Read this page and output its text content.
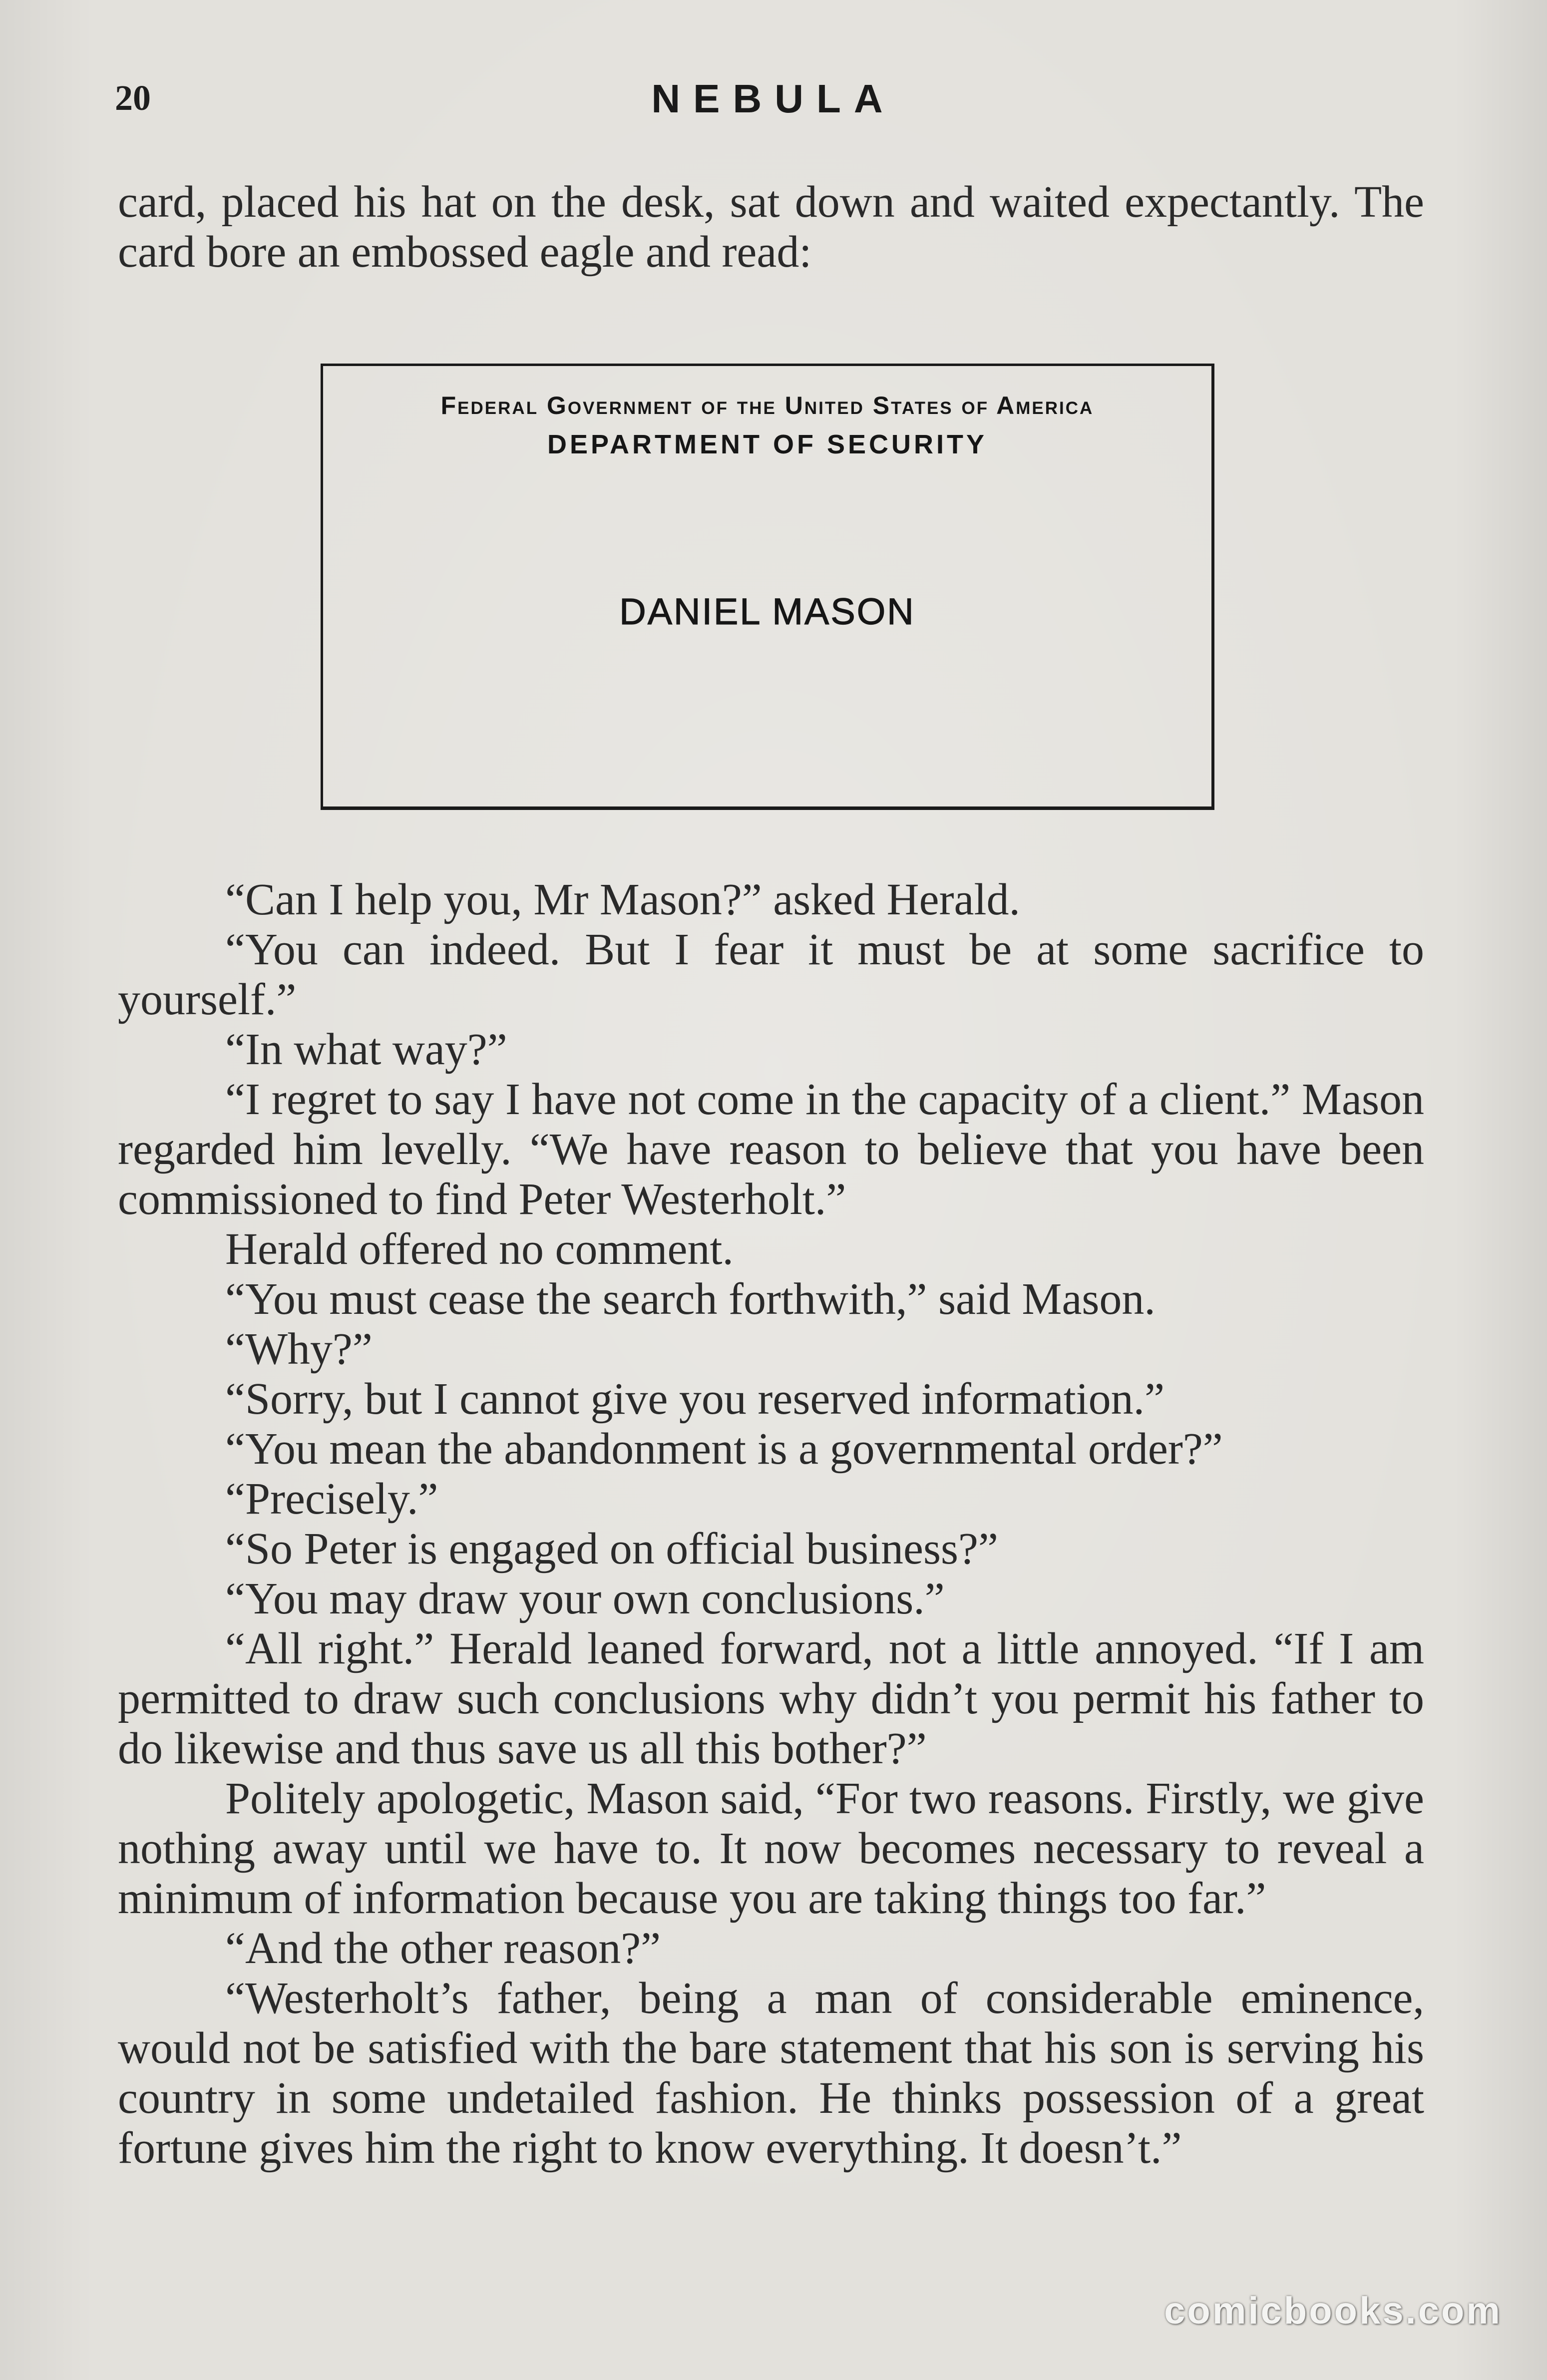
20	NEBULA

card, placed his hat on the desk, sat down and waited expectantly. The card bore an embossed eagle and read:

Federal Government of the United States of America
DEPARTMENT OF SECURITY
DANIEL MASON

“Can I help you, Mr Mason?” asked Herald.

“You can indeed. But I fear it must be at some sacrifice to yourself.”

“In what way?”

“I regret to say I have not come in the capacity of a client.” Mason regarded him levelly. “We have reason to believe that you have been commissioned to find Peter Westerholt.”

Herald offered no comment.

“You must cease the search forthwith,” said Mason.

“Why?”

“Sorry, but I cannot give you reserved information.”

“You mean the abandonment is a governmental order?”

“Precisely.”

“So Peter is engaged on official business?”

“You may draw your own conclusions.”

“All right.” Herald leaned forward, not a little annoyed. “If I am permitted to draw such conclusions why didn’t you permit his father to do likewise and thus save us all this bother?”

Politely apologetic, Mason said, “For two reasons. Firstly, we give nothing away until we have to. It now becomes necessary to reveal a minimum of information because you are taking things too far.”

“And the other reason?”

“Westerholt’s father, being a man of considerable eminence, would not be satisfied with the bare statement that his son is serving his country in some undetailed fashion. He thinks possession of a great fortune gives him the right to know everything. It doesn’t.”

comicbooks.com
